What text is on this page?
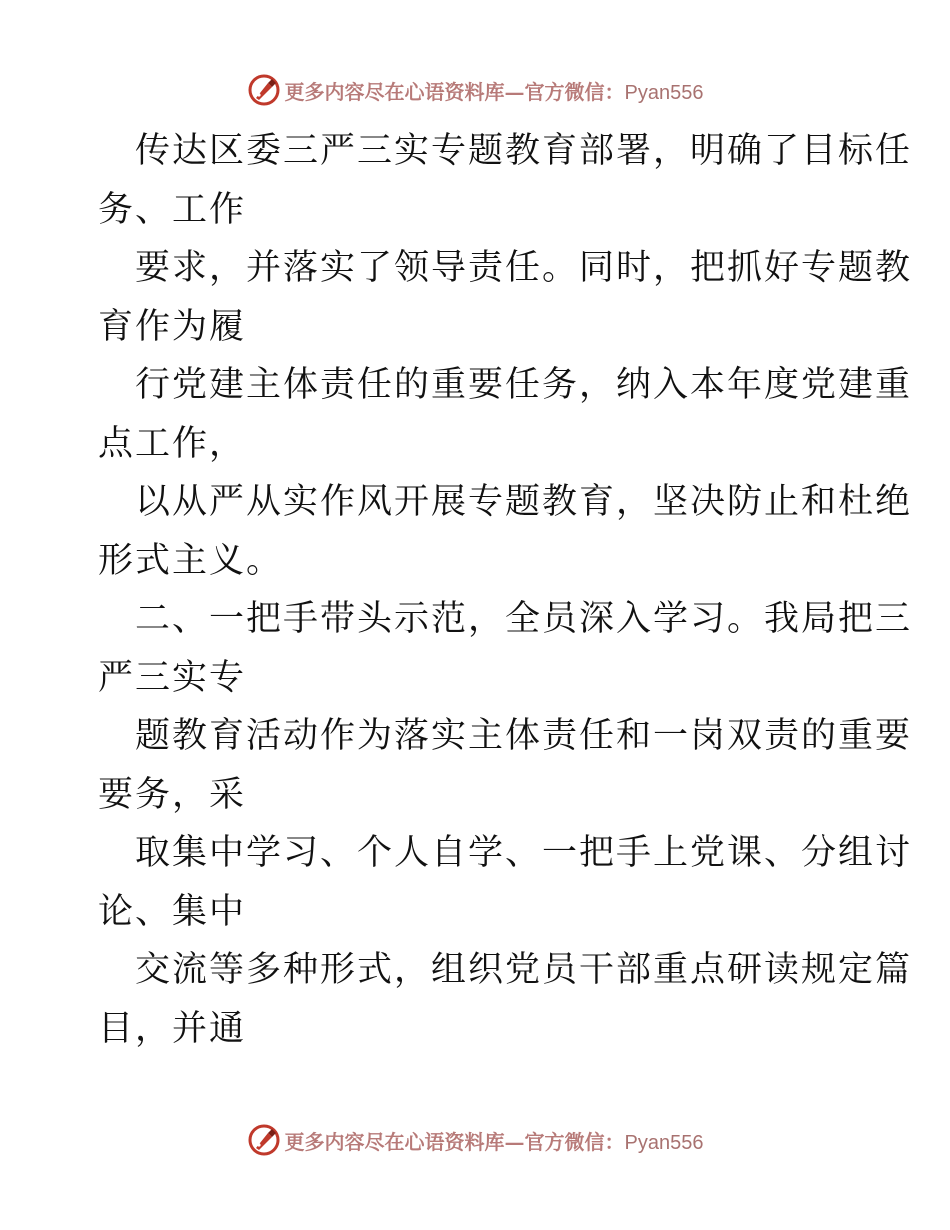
更多内容尽在心语资料库—官方微信：Pyan556
传达区委三严三实专题教育部署，明确了目标任
务、工作
要求，并落实了领导责任。同时，把抓好专题教
育作为履
行党建主体责任的重要任务，纳入本年度党建重
点工作，
以从严从实作风开展专题教育，坚决防止和杜绝
形式主义。
二、一把手带头示范，全员深入学习。我局把三
严三实专
题教育活动作为落实主体责任和一岗双责的重要
要务，采
取集中学习、个人自学、一把手上党课、分组讨
论、集中
交流等多种形式，组织党员干部重点研读规定篇
目，并通
更多内容尽在心语资料库—官方微信：Pyan556
